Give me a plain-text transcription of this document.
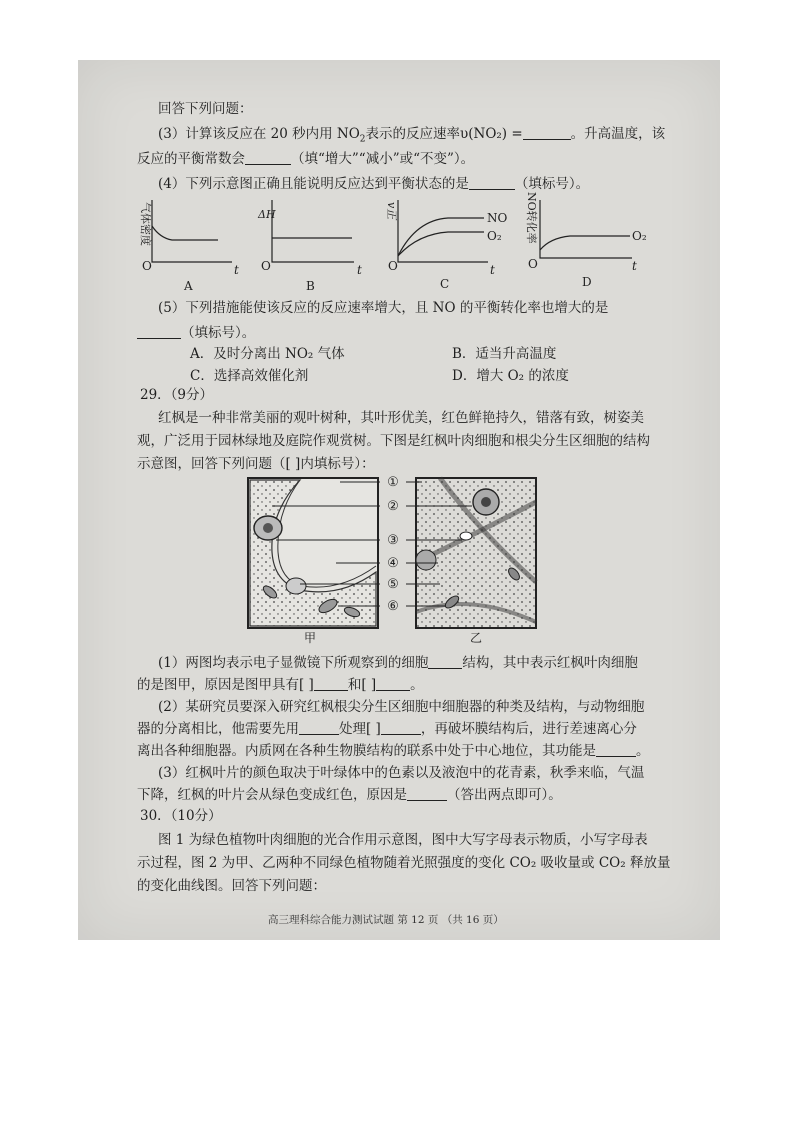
回答下列问题：
(3）计算该反应在 20 秒内用 $NO_2$表示的反应速率υ(NO₂) =	。升高温度，该
反应的平衡常数会	（填“增大”“减小”或“不变”）。
(4）下列示意图正确且能说明反应达到平衡状态的是	（填标号）。
O	t
A
O	t
B
O	t
NO
O₂
C
O	t
O₂
D
气体密度	ΔH	v正	NO转化率
(5）下列措施能使该反应的反应速率增大，且 NO 的平衡转化率也增大的是
（填标号）。
A．及时分离出 NO₂ 气体	B．适当升高温度
C．选择高效催化剂	D．增大 O₂ 的浓度
29．（9分）
红枫是一种非常美丽的观叶树种，其叶形优美，红色鲜艳持久，错落有致，树姿美
观，广泛用于园林绿地及庭院作观赏树。下图是红枫叶肉细胞和根尖分生区细胞的结构
示意图，回答下列问题（[ ]内填标号）：
①
②
③
④
⑤
⑥
甲	乙
(1）两图均表示电子显微镜下所观察到的细胞	结构，其中表示红枫叶肉细胞
的是图甲，原因是图甲具有[ ]	和[ ]	。
(2）某研究员要深入研究红枫根尖分生区细胞中细胞器的种类及结构，与动物细胞
器的分离相比，他需要先用	处理[ ]	，再破坏膜结构后，进行差速离心分
离出各种细胞器。内质网在各种生物膜结构的联系中处于中心地位，其功能是	。
(3）红枫叶片的颜色取决于叶绿体中的色素以及液泡中的花青素，秋季来临，气温
下降，红枫的叶片会从绿色变成红色，原因是	（答出两点即可）。
30．（10分）
图 1 为绿色植物叶肉细胞的光合作用示意图，图中大写字母表示物质，小写字母表
示过程，图 2 为甲、乙两种不同绿色植物随着光照强度的变化 CO₂ 吸收量或 CO₂ 释放量
的变化曲线图。回答下列问题：
高三理科综合能力测试试题 第 12 页 （共 16 页）
